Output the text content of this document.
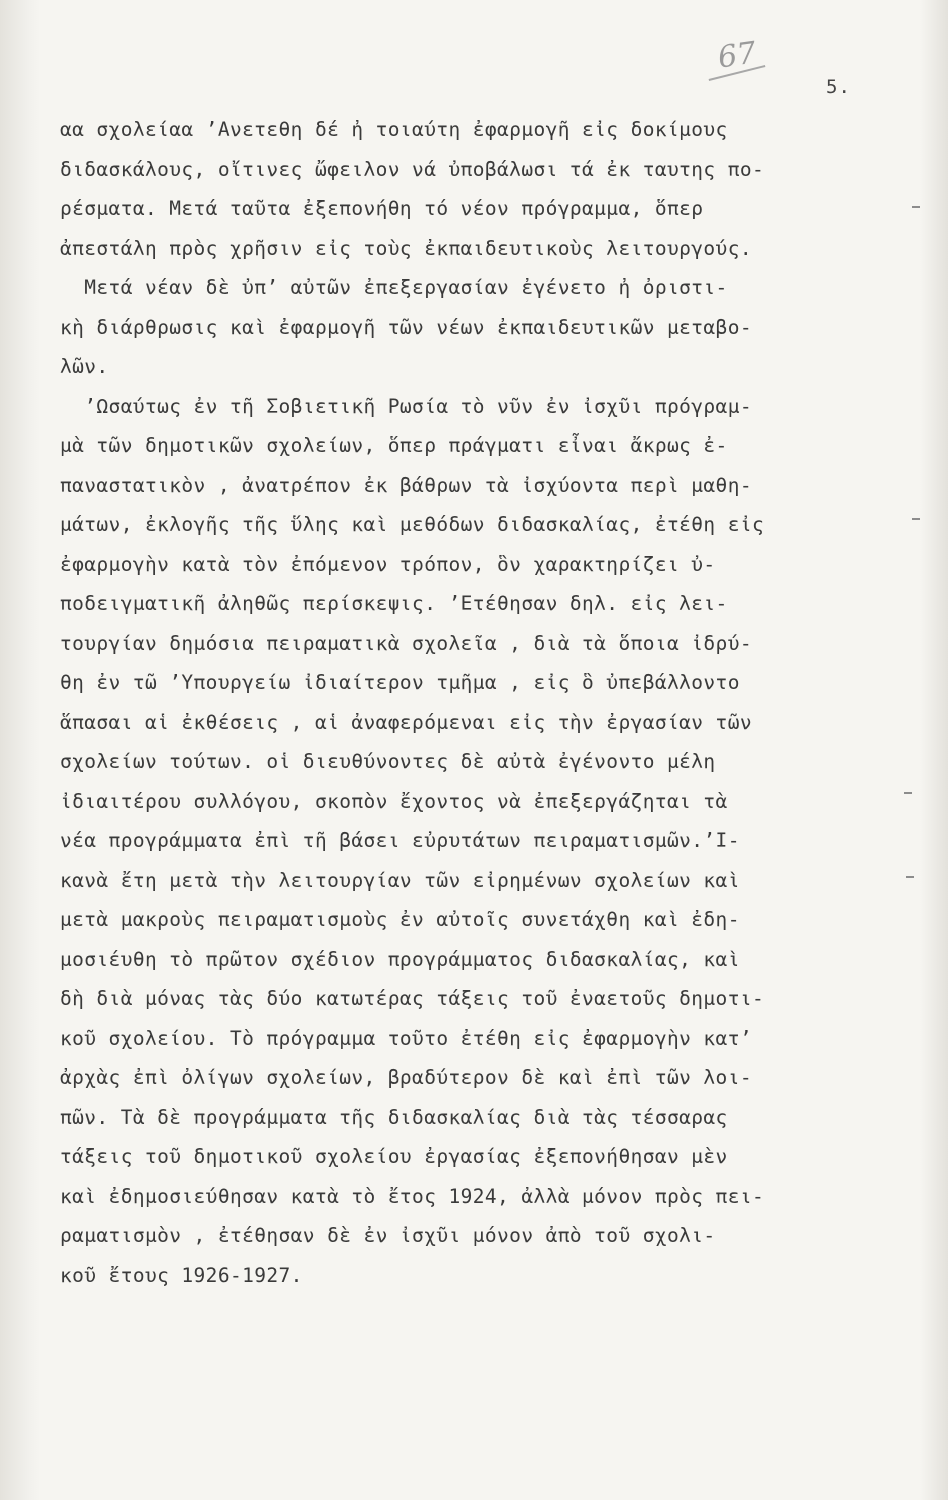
67
5.
αα σχολείαα ’Ανετεθη δέ ἠ τοιαύτη ἐφαρμογῆ εἰς δοκίμους
διδασκάλους, οἴτινες ὤφειλον νά ὐποβάλωσι τά ἐκ ταυτης πο-
ρέσματα. Μετά ταῦτα ἐξεπονήθη τό νέον πρόγραμμα, ὅπερ
ἀπεστάλη πρὸς χρῆσιν εἰς τοὺς ἐκπαιδευτικοὺς λειτουργούς.
Μετά νέαν δὲ ὐπ’ αὐτῶν ἐπεξεργασίαν ἐγένετο ἠ ὀριστι-
κὴ διάρθρωσις καὶ ἐφαρμογῆ τῶν νέων ἐκπαιδευτικῶν μεταβο-
λῶν.
’Ωσαύτως ἐν τῆ Σοβιετικῆ Ρωσία τὸ νῦν ἐν ἰσχῦι πρόγραμ-
μὰ τῶν δημοτικῶν σχολείων, ὅπερ πράγματι εἶναι ἄκρως ἐ-
παναστατικὸν , ἀνατρέπον ἐκ βάθρων τὰ ἰσχύοντα περὶ μαθη-
μάτων, ἐκλογῆς τῆς ὕλης καὶ μεθόδων διδασκαλίας, ἐτέθη εἰς
ἐφαρμογὴν κατὰ τὸν ἐπόμενον τρόπον, ὃν χαρακτηρίζει ὐ-
ποδειγματικῆ ἀληθῶς περίσκεψις. ’Ετέθησαν δηλ. εἰς λει-
τουργίαν δημόσια πειραματικὰ σχολεῖα , διὰ τὰ ὅποια ἰδρύ-
θη ἐν τῶ ’Υπουργείω ἰδιαίτερον τμῆμα , εἰς ὃ ὐπεβάλλοντο
ἅπασαι αἱ ἐκθέσεις , αἱ ἀναφερόμεναι εἰς τὴν ἐργασίαν τῶν
σχολείων τούτων. οἱ διευθύνοντες δὲ αὐτὰ ἐγένοντο μέλη
ἰδιαιτέρου συλλόγου, σκοπὸν ἔχοντος νὰ ἐπεξεργάζηται τὰ
νέα προγράμματα ἐπὶ τῆ βάσει εὐρυτάτων πειραματισμῶν.’Ι-
κανὰ ἔτη μετὰ τὴν λειτουργίαν τῶν εἰρημένων σχολείων καὶ
μετὰ μακροὺς πειραματισμοὺς ἐν αὐτοῖς συνετάχθη καὶ ἐδη-
μοσιέυθη τὸ πρῶτον σχέδιον προγράμματος διδασκαλίας, καὶ
δὴ διὰ μόνας τὰς δύο κατωτέρας τάξεις τοῦ ἐναετοῦς δημοτι-
κοῦ σχολείου. Τὸ πρόγραμμα τοῦτο ἐτέθη εἰς ἐφαρμογὴν κατ’
ἀρχὰς ἐπὶ ὀλίγων σχολείων, βραδύτερον δὲ καὶ ἐπὶ τῶν λοι-
πῶν. Τὰ δὲ προγράμματα τῆς διδασκαλίας διὰ τὰς τέσσαρας
τάξεις τοῦ δημοτικοῦ σχολείου ἐργασίας ἐξεπονήθησαν μὲν
καὶ ἐδημοσιεύθησαν κατὰ τὸ ἔτος 1924, ἀλλὰ μόνον πρὸς πει-
ραματισμὸν , ἐτέθησαν δὲ ἐν ἰσχῦι μόνον ἀπὸ τοῦ σχολι-
κοῦ ἔτους 1926-1927.
